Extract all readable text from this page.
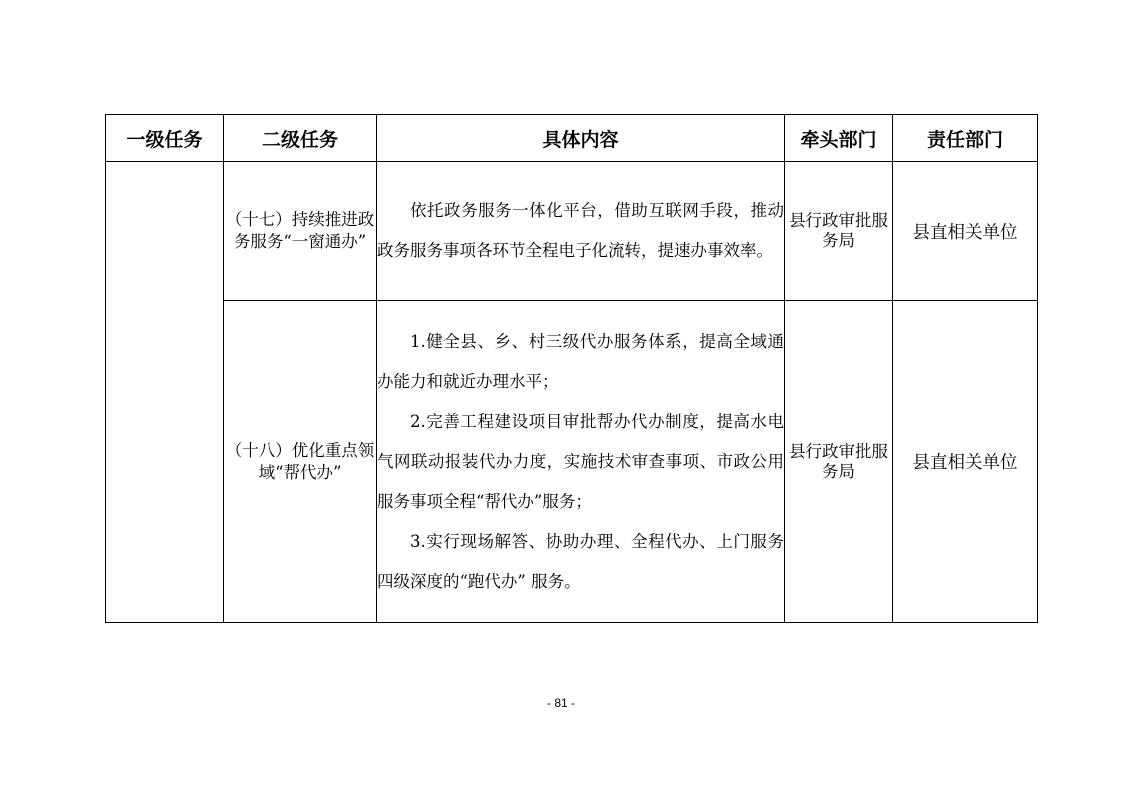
一级任务	二级任务	具体内容	牵头部门	责任部门
	（十七）持续推进政务服务“一窗通办”	依托政务服务一体化平台，借助互联网手段，推动政务服务事项各环节全程电子化流转，提速办事效率。	县行政审批服务局	县直相关单位
	（十八）优化重点领域“帮代办”	1.健全县、乡、村三级代办服务体系，提高全域通办能力和就近办理水平；

2.完善工程建设项目审批帮办代办制度，提高水电气网联动报装代办力度，实施技术审查事项、市政公用服务事项全程“帮代办”服务；

3.实行现场解答、协助办理、全程代办、上门服务四级深度的“跑代办” 服务。	县行政审批服务局	县直相关单位
- 81 -
